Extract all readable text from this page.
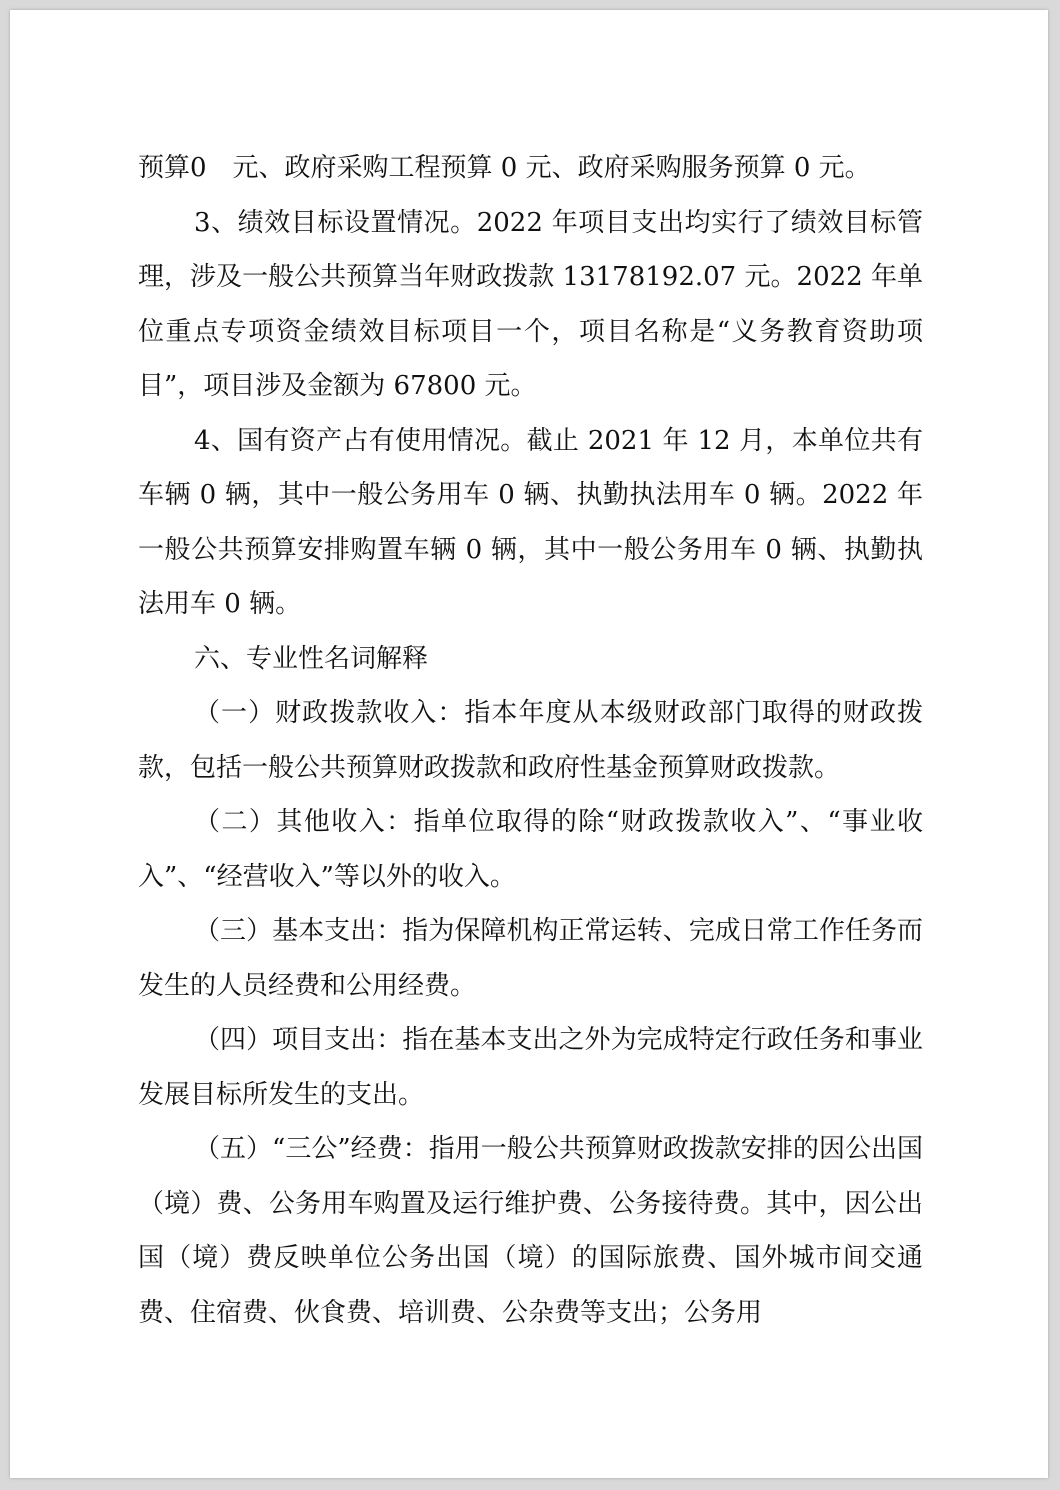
预算0　元、政府采购工程预算 0 元、政府采购服务预算 0 元。

3、绩效目标设置情况。2022 年项目支出均实行了绩效目标管理，涉及一般公共预算当年财政拨款 13178192.07 元。2022 年单位重点专项资金绩效目标项目一个，项目名称是“义务教育资助项目”，项目涉及金额为 67800 元。

4、国有资产占有使用情况。截止 2021 年 12 月，本单位共有车辆 0 辆，其中一般公务用车 0 辆、执勤执法用车 0 辆。2022 年一般公共预算安排购置车辆 0 辆，其中一般公务用车 0 辆、执勤执法用车 0 辆。

六、专业性名词解释

（一）财政拨款收入：指本年度从本级财政部门取得的财政拨款，包括一般公共预算财政拨款和政府性基金预算财政拨款。

（二）其他收入：指单位取得的除“财政拨款收入”、“事业收入”、“经营收入”等以外的收入。

（三）基本支出：指为保障机构正常运转、完成日常工作任务而发生的人员经费和公用经费。

（四）项目支出：指在基本支出之外为完成特定行政任务和事业发展目标所发生的支出。

（五）“三公”经费：指用一般公共预算财政拨款安排的因公出国（境）费、公务用车购置及运行维护费、公务接待费。其中，因公出国（境）费反映单位公务出国（境）的国际旅费、国外城市间交通费、住宿费、伙食费、培训费、公杂费等支出；公务用
